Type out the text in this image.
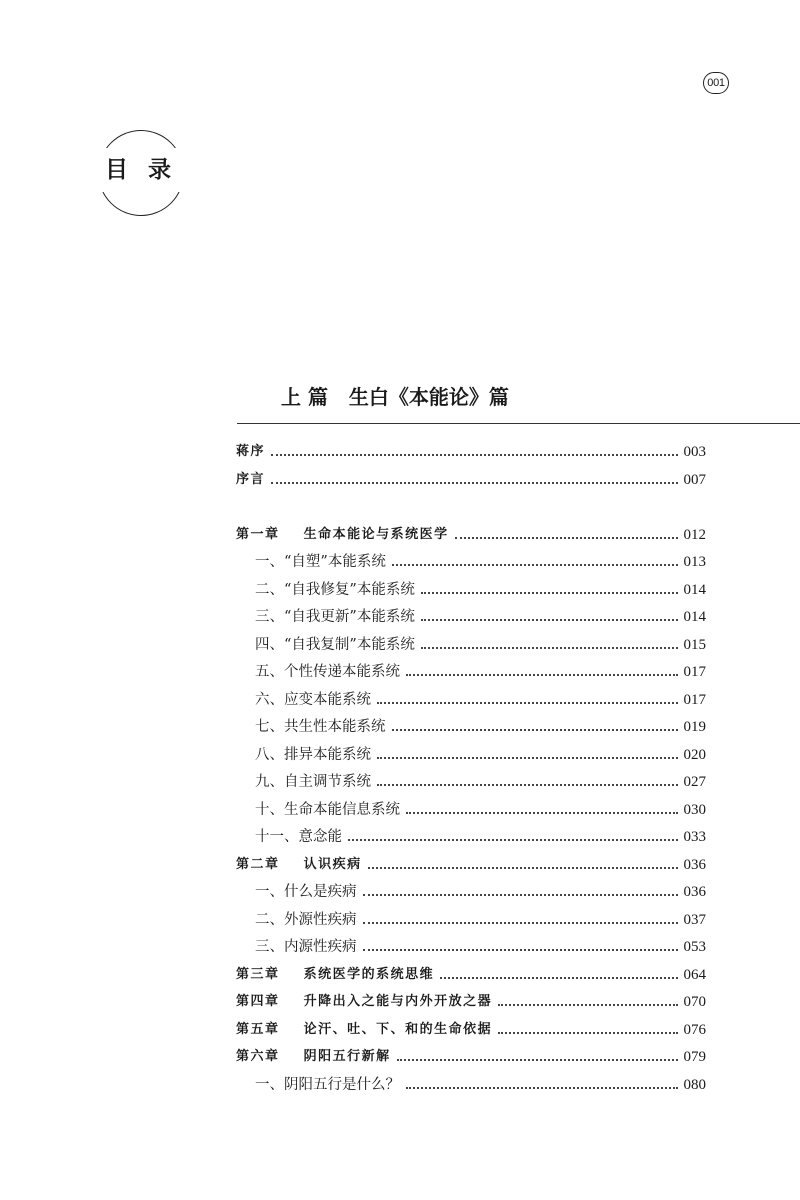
001
目 录
上 篇   生白《本能论》篇
蒋序	003
序言	007
第一章    生命本能论与系统医学	012
一、“自塑”本能系统	013
二、“自我修复”本能系统	014
三、“自我更新”本能系统	014
四、“自我复制”本能系统	015
五、个性传递本能系统	017
六、应变本能系统	017
七、共生性本能系统	019
八、排异本能系统	020
九、自主调节系统	027
十、生命本能信息系统	030
十一、意念能	033
第二章    认识疾病	036
一、什么是疾病	036
二、外源性疾病	037
三、内源性疾病	053
第三章    系统医学的系统思维	064
第四章    升降出入之能与内外开放之器	070
第五章    论汗、吐、下、和的生命依据	076
第六章    阴阳五行新解	079
一、阴阳五行是什么？	080
